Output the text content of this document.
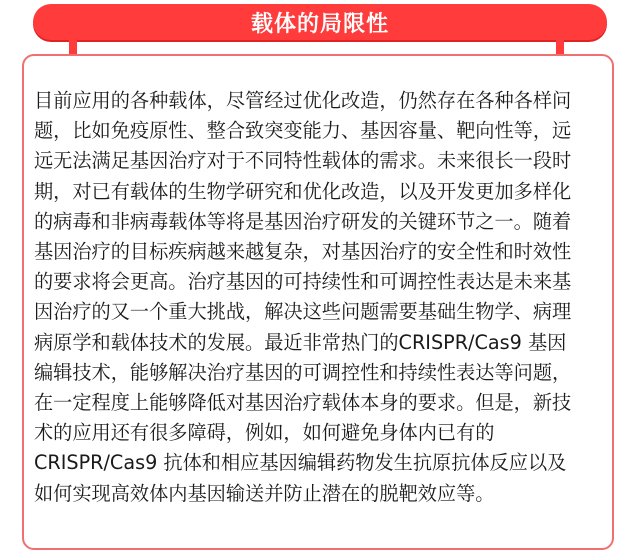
载体的局限性

目前应用的各种载体，尽管经过优化改造，仍然存在各种各样问
题，比如免疫原性、整合致突变能力、基因容量、靶向性等，远
远无法满足基因治疗对于不同特性载体的需求。未来很长一段时
期，对已有载体的生物学研究和优化改造，以及开发更加多样化
的病毒和非病毒载体等将是基因治疗研发的关键环节之一。随着
基因治疗的目标疾病越来越复杂，对基因治疗的安全性和时效性
的要求将会更高。治疗基因的可持续性和可调控性表达是未来基
因治疗的又一个重大挑战，解决这些问题需要基础生物学、病理
病原学和载体技术的发展。最近非常热门的CRISPR/Cas9 基因
编辑技术，能够解决治疗基因的可调控性和持续性表达等问题，
在一定程度上能够降低对基因治疗载体本身的要求。但是，新技
术的应用还有很多障碍，例如，如何避免身体内已有的
CRISPR/Cas9 抗体和相应基因编辑药物发生抗原抗体反应以及
如何实现高效体内基因输送并防止潜在的脱靶效应等。
